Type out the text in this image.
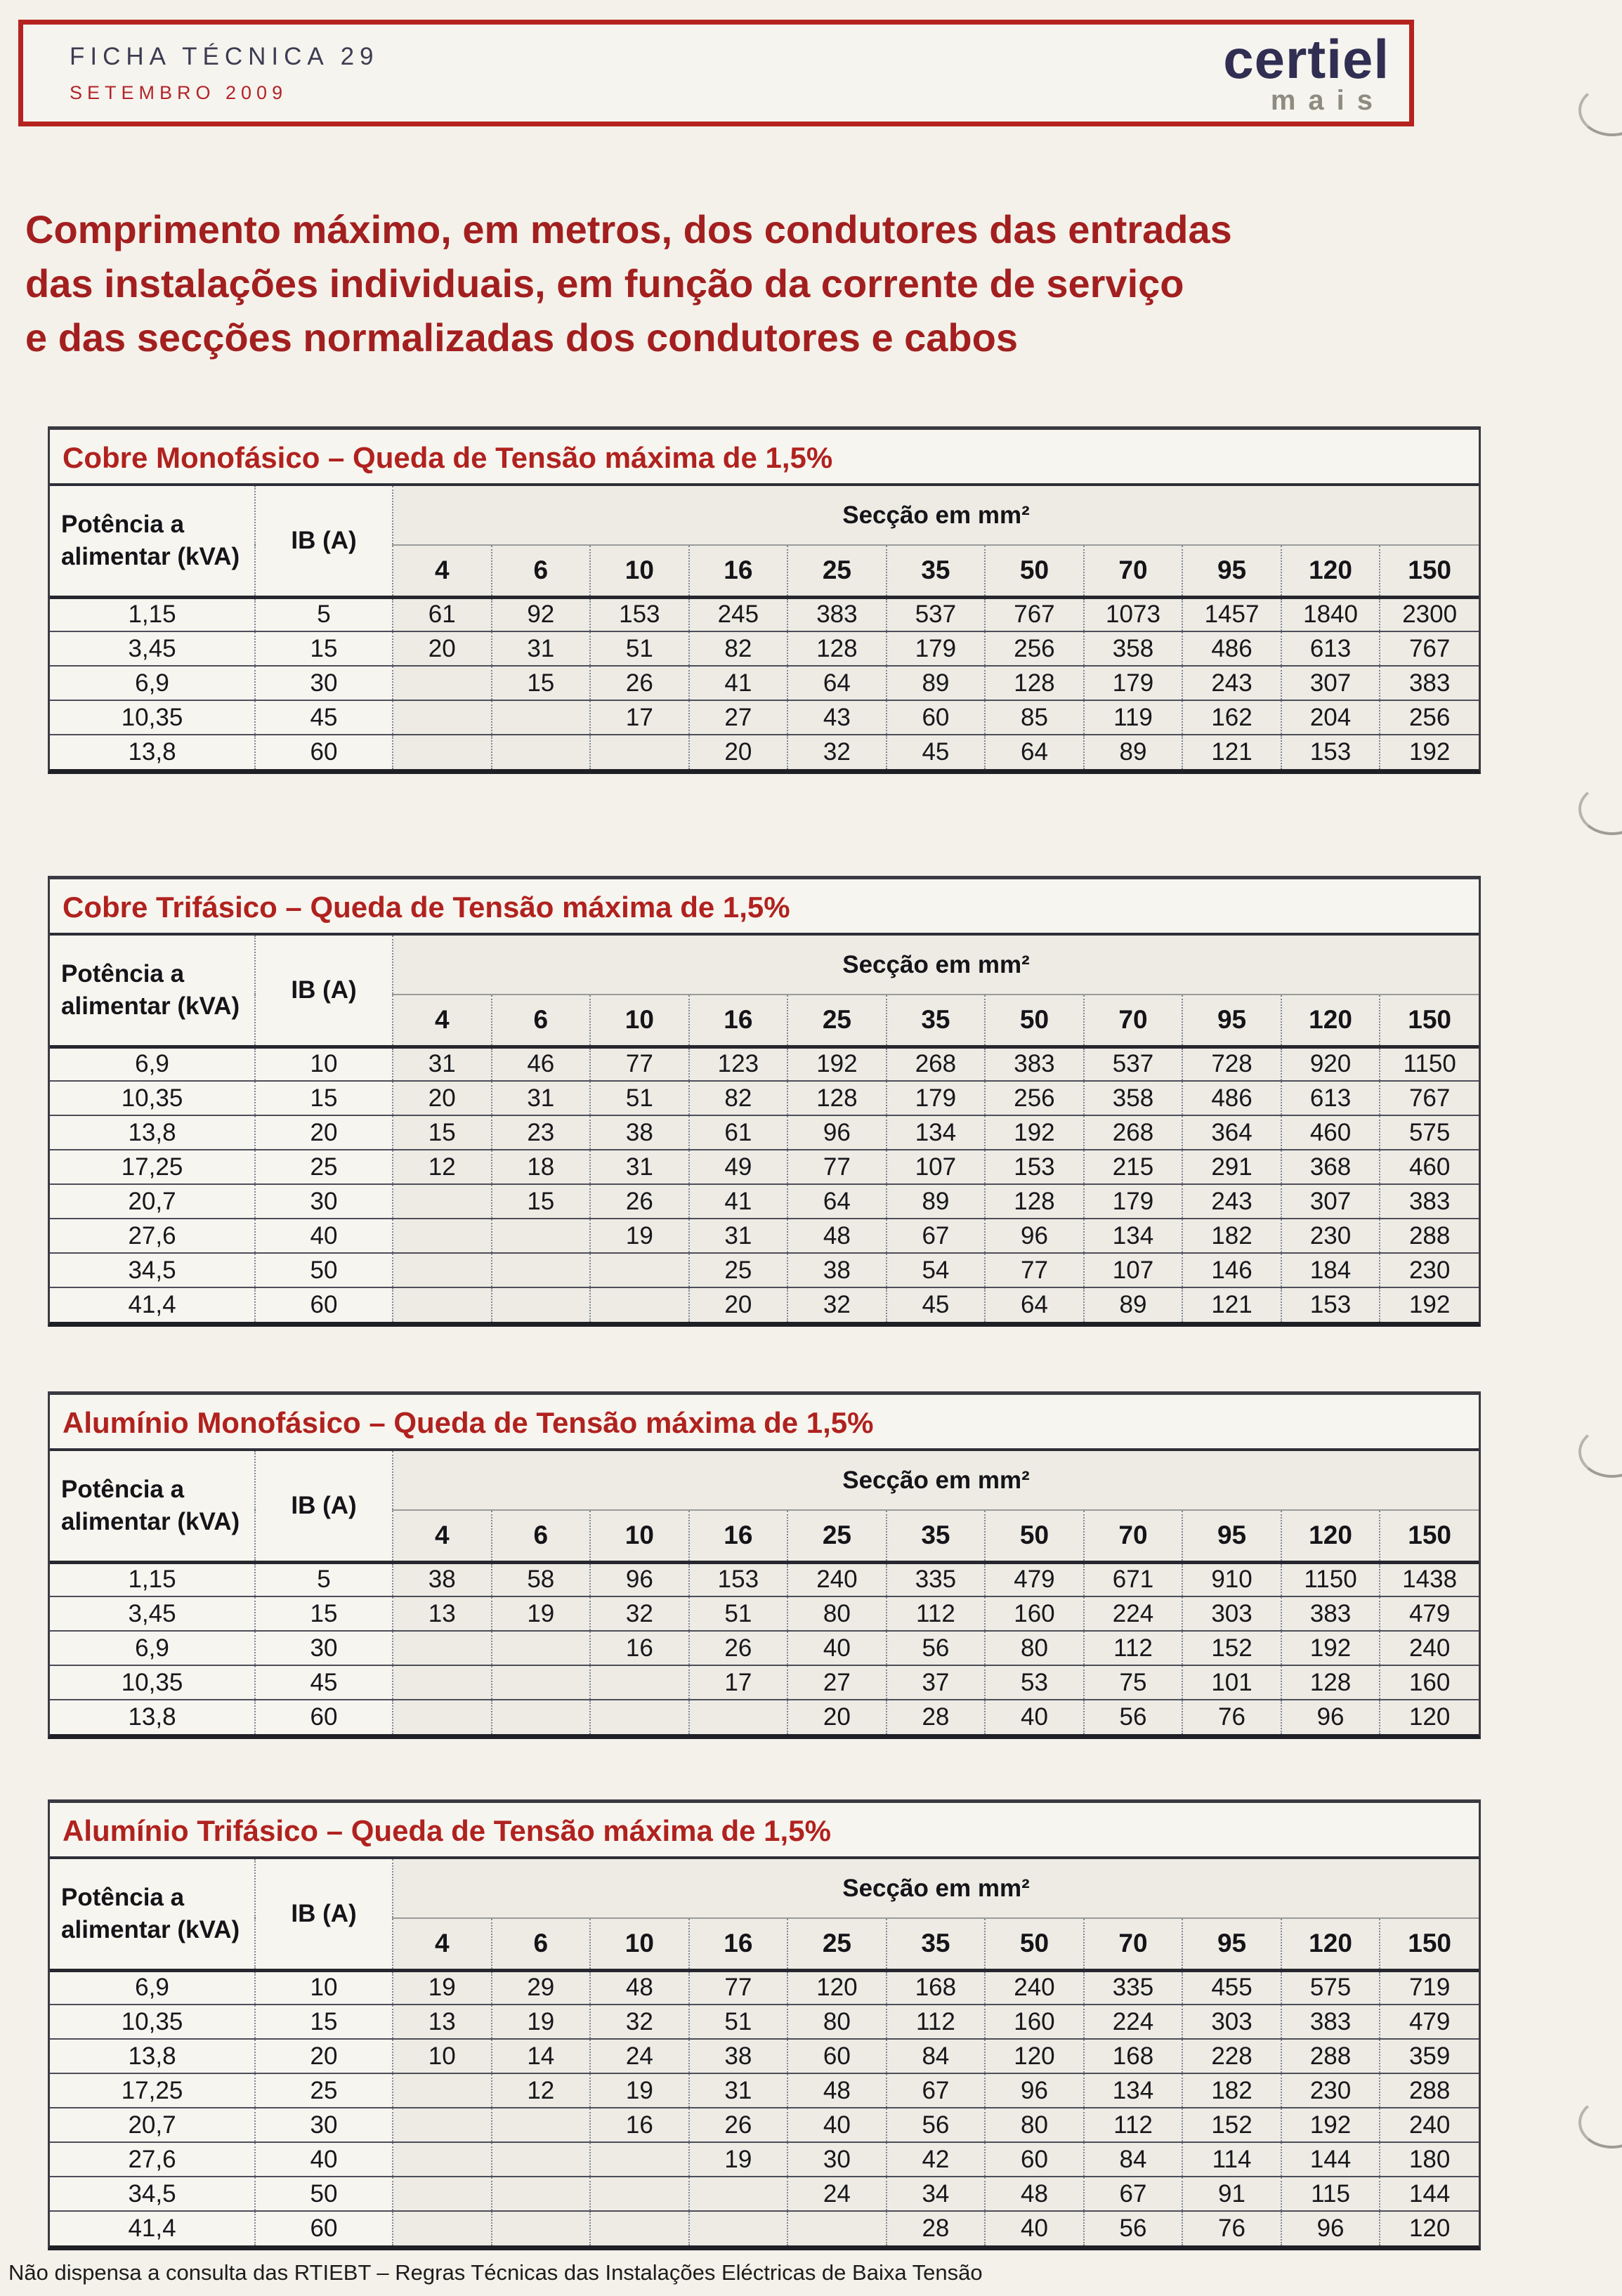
FICHA TÉCNICA 29
SETEMBRO 2009
certiel
mais
Comprimento máximo, em metros, dos condutores das entradas
das instalações individuais, em função da corrente de serviço
e das secções normalizadas dos condutores e cabos
Cobre Monofásico – Queda de Tensão máxima de 1,5%
Potência a
alimentar (kVA)	IB (A)	Secção em mm²										
		4	6	10	16	25	35	50	70	95	120	150
1,15	5	61	92	153	245	383	537	767	1073	1457	1840	2300
3,45	15	20	31	51	82	128	179	256	358	486	613	767
6,9	30		15	26	41	64	89	128	179	243	307	383
10,35	45			17	27	43	60	85	119	162	204	256
13,8	60				20	32	45	64	89	121	153	192
Cobre Trifásico – Queda de Tensão máxima de 1,5%
Potência a
alimentar (kVA)	IB (A)	Secção em mm²										
		4	6	10	16	25	35	50	70	95	120	150
6,9	10	31	46	77	123	192	268	383	537	728	920	1150
10,35	15	20	31	51	82	128	179	256	358	486	613	767
13,8	20	15	23	38	61	96	134	192	268	364	460	575
17,25	25	12	18	31	49	77	107	153	215	291	368	460
20,7	30		15	26	41	64	89	128	179	243	307	383
27,6	40			19	31	48	67	96	134	182	230	288
34,5	50				25	38	54	77	107	146	184	230
41,4	60				20	32	45	64	89	121	153	192
Alumínio Monofásico – Queda de Tensão máxima de 1,5%
Potência a
alimentar (kVA)	IB (A)	Secção em mm²										
		4	6	10	16	25	35	50	70	95	120	150
1,15	5	38	58	96	153	240	335	479	671	910	1150	1438
3,45	15	13	19	32	51	80	112	160	224	303	383	479
6,9	30			16	26	40	56	80	112	152	192	240
10,35	45				17	27	37	53	75	101	128	160
13,8	60					20	28	40	56	76	96	120
Alumínio Trifásico – Queda de Tensão máxima de 1,5%
Potência a
alimentar (kVA)	IB (A)	Secção em mm²										
		4	6	10	16	25	35	50	70	95	120	150
6,9	10	19	29	48	77	120	168	240	335	455	575	719
10,35	15	13	19	32	51	80	112	160	224	303	383	479
13,8	20	10	14	24	38	60	84	120	168	228	288	359
17,25	25		12	19	31	48	67	96	134	182	230	288
20,7	30			16	26	40	56	80	112	152	192	240
27,6	40				19	30	42	60	84	114	144	180
34,5	50					24	34	48	67	91	115	144
41,4	60						28	40	56	76	96	120
Não dispensa a consulta das RTIEBT – Regras Técnicas das Instalações Eléctricas de Baixa Tensão
